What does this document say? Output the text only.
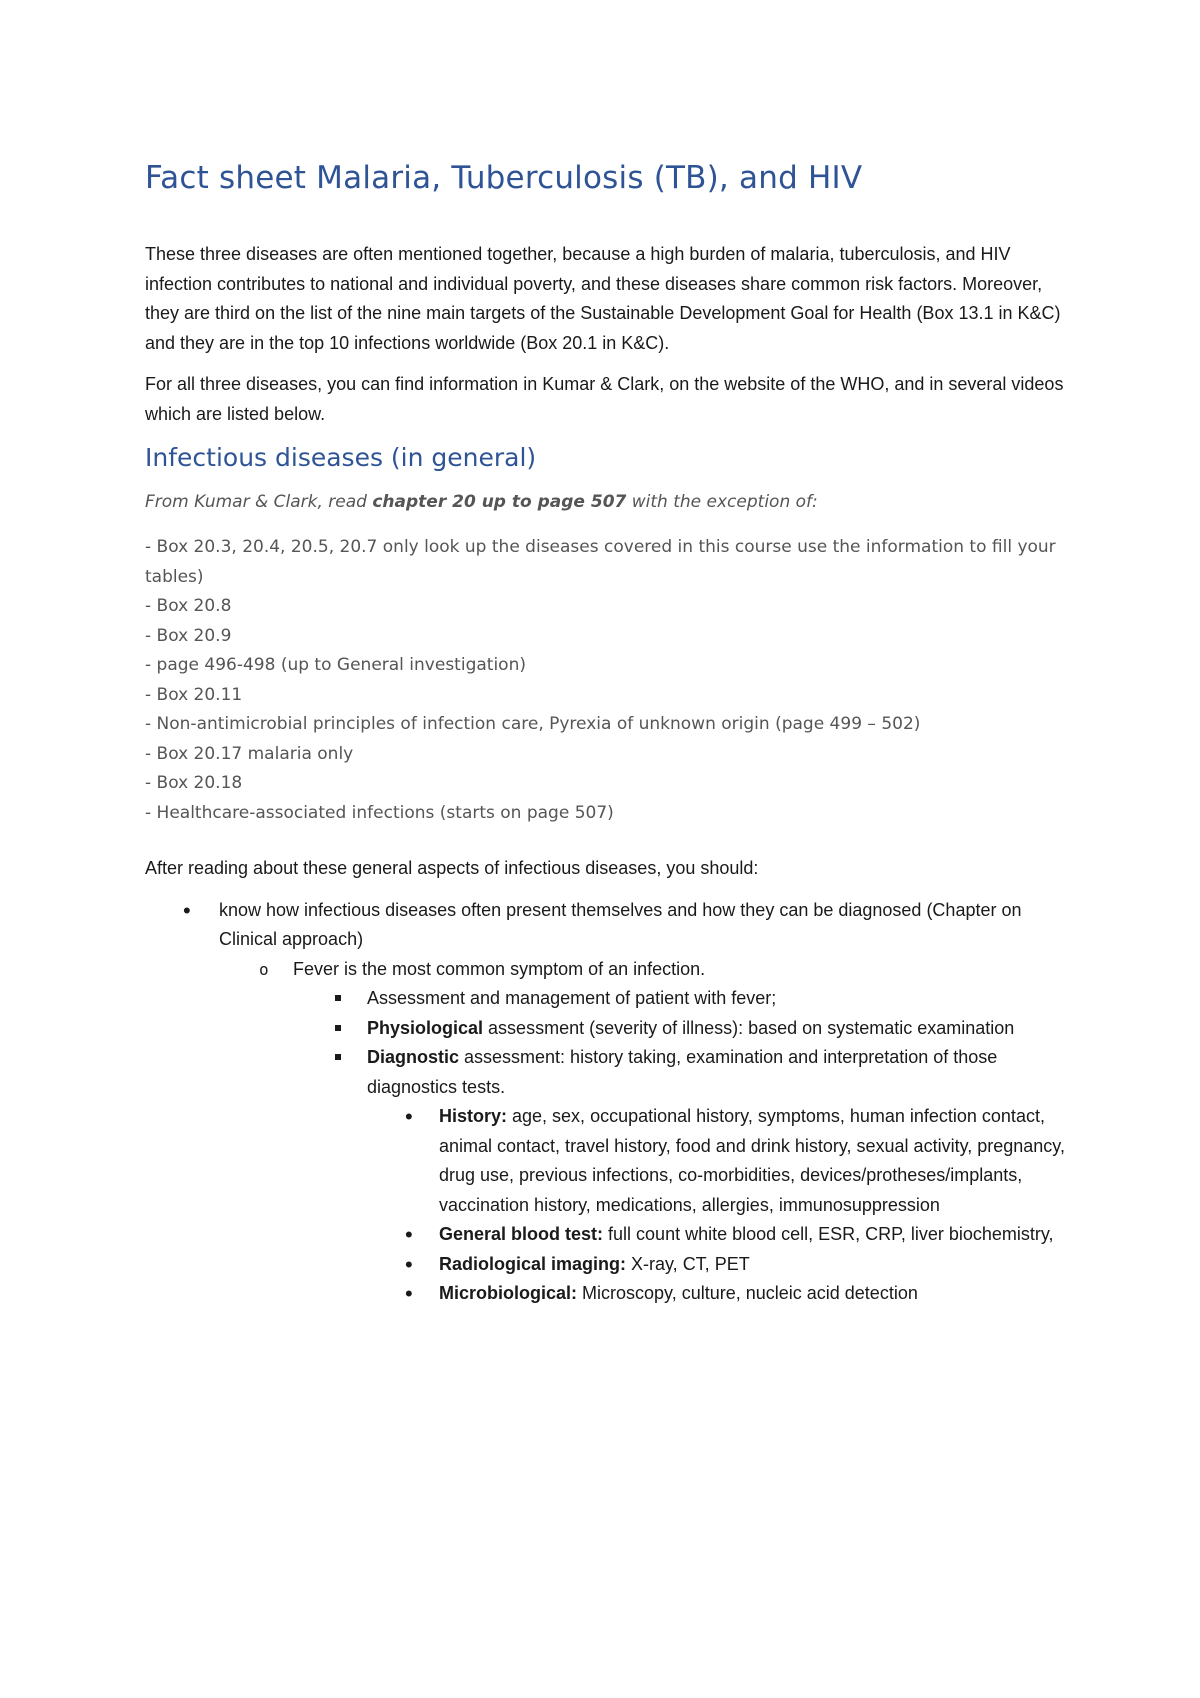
Fact sheet Malaria, Tuberculosis (TB), and HIV

These three diseases are often mentioned together, because a high burden of malaria, tuberculosis, and HIV infection contributes to national and individual poverty, and these diseases share common risk factors. Moreover, they are third on the list of the nine main targets of the Sustainable Development Goal for Health (Box 13.1 in K&C) and they are in the top 10 infections worldwide (Box 20.1 in K&C).

For all three diseases, you can find information in Kumar & Clark, on the website of the WHO, and in several videos which are listed below.

Infectious diseases (in general)

From Kumar & Clark, read chapter 20 up to page 507 with the exception of:

- Box 20.3, 20.4, 20.5, 20.7 only look up the diseases covered in this course use the information to fill your tables)

- Box 20.8

- Box 20.9

- page 496-498 (up to General investigation)

- Box 20.11

- Non-antimicrobial principles of infection care, Pyrexia of unknown origin (page 499 – 502)

- Box 20.17 malaria only

- Box 20.18

- Healthcare-associated infections (starts on page 507)

After reading about these general aspects of infectious diseases, you should:

• know how infectious diseases often present themselves and how they can be diagnosed (Chapter on Clinical approach)
o Fever is the most common symptom of an infection.
Assessment and management of patient with fever;
Physiological assessment (severity of illness): based on systematic examination
Diagnostic assessment: history taking, examination and interpretation of those diagnostics tests.
• History: age, sex, occupational history, symptoms, human infection contact, animal contact, travel history, food and drink history, sexual activity, pregnancy, drug use, previous infections, co-morbidities, devices/protheses/implants, vaccination history, medications, allergies, immunosuppression
• General blood test: full count white blood cell, ESR, CRP, liver biochemistry,
• Radiological imaging: X-ray, CT, PET
• Microbiological: Microscopy, culture, nucleic acid detection
